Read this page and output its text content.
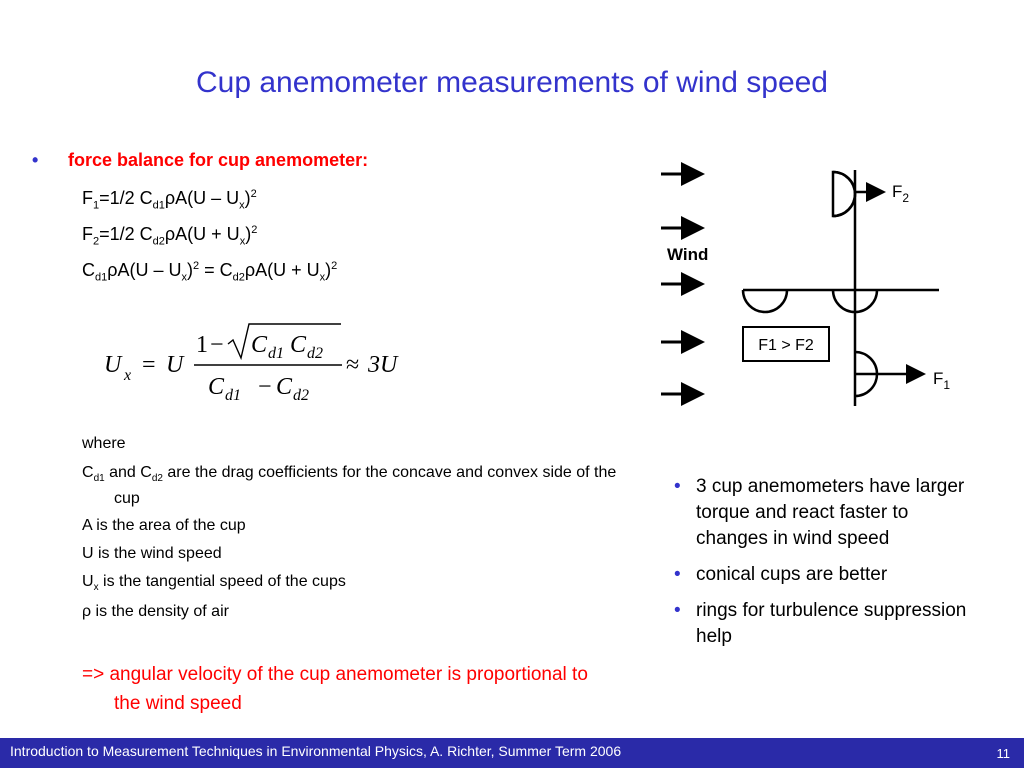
Cup anemometer measurements of wind speed
• force balance for cup anemometer:
$F_1=1/2$ $C_{d1}\rho A(U - U_x)^2$
$F_2=1/2$ $C_{d2}\rho A(U + U_x)^2$
$C_{d1}\rho A(U - U_x)^2 = C_{d2}\rho A(U + U_x)^2$
U x = U
1 − C d1 C d2
C d1 − C d2
≈ 3U
where
$C_{d1}$ and $C_{d2}$ are the drag coefficients for the concave and convex side of the cup
A is the area of the cup
U is the wind speed
$U_x$ is the tangential speed of the cups
ρ is the density of air
=> angular velocity of the cup anemometer is proportional to the wind speed
Wind
$F_2$
$F_1$
F1 > F2
• 3 cup anemometers have larger torque and react faster to changes in wind speed
• conical cups are better
• rings for turbulence suppression help
Introduction to Measurement Techniques in Environmental Physics, A. Richter, Summer Term 2006	11
